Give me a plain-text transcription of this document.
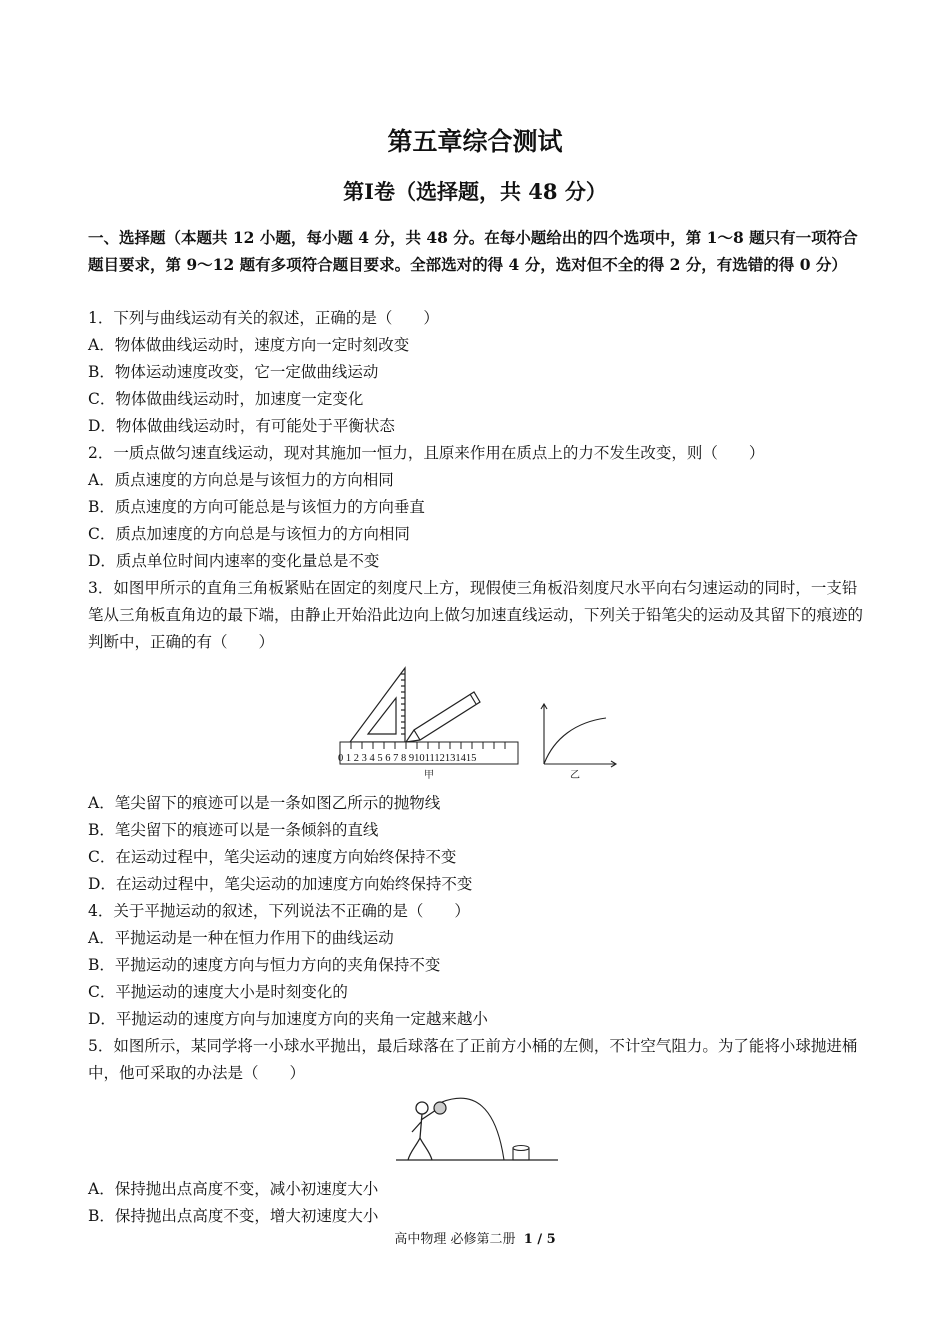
第五章综合测试
第Ⅰ卷（选择题，共 48 分）
一、选择题（本题共 12 小题，每小题 4 分，共 48 分。在每小题给出的四个选项中，第 1～8 题只有一项符合题目要求，第 9～12 题有多项符合题目要求。全部选对的得 4 分，选对但不全的得 2 分，有选错的得 0 分）
1．下列与曲线运动有关的叙述，正确的是（　　）
A．物体做曲线运动时，速度方向一定时刻改变
B．物体运动速度改变，它一定做曲线运动
C．物体做曲线运动时，加速度一定变化
D．物体做曲线运动时，有可能处于平衡状态
2．一质点做匀速直线运动，现对其施加一恒力，且原来作用在质点上的力不发生改变，则（　　）
A．质点速度的方向总是与该恒力的方向相同
B．质点速度的方向可能总是与该恒力的方向垂直
C．质点加速度的方向总是与该恒力的方向相同
D．质点单位时间内速率的变化量总是不变
3．如图甲所示的直角三角板紧贴在固定的刻度尺上方，现假使三角板沿刻度尺水平向右匀速运动的同时，一支铅笔从三角板直角边的最下端，由静止开始沿此边向上做匀加速直线运动，下列关于铅笔尖的运动及其留下的痕迹的判断中，正确的有（　　）
0 1 2 3 4 5 6 7 8 9101112131415
甲	乙
A．笔尖留下的痕迹可以是一条如图乙所示的抛物线
B．笔尖留下的痕迹可以是一条倾斜的直线
C．在运动过程中，笔尖运动的速度方向始终保持不变
D．在运动过程中，笔尖运动的加速度方向始终保持不变
4．关于平抛运动的叙述，下列说法不正确的是（　　）
A．平抛运动是一种在恒力作用下的曲线运动
B．平抛运动的速度方向与恒力方向的夹角保持不变
C．平抛运动的速度大小是时刻变化的
D．平抛运动的速度方向与加速度方向的夹角一定越来越小
5．如图所示，某同学将一小球水平抛出，最后球落在了正前方小桶的左侧，不计空气阻力。为了能将小球抛进桶中，他可采取的办法是（　　）
A．保持抛出点高度不变，减小初速度大小
B．保持抛出点高度不变，增大初速度大小
高中物理 必修第二册 1 / 5
